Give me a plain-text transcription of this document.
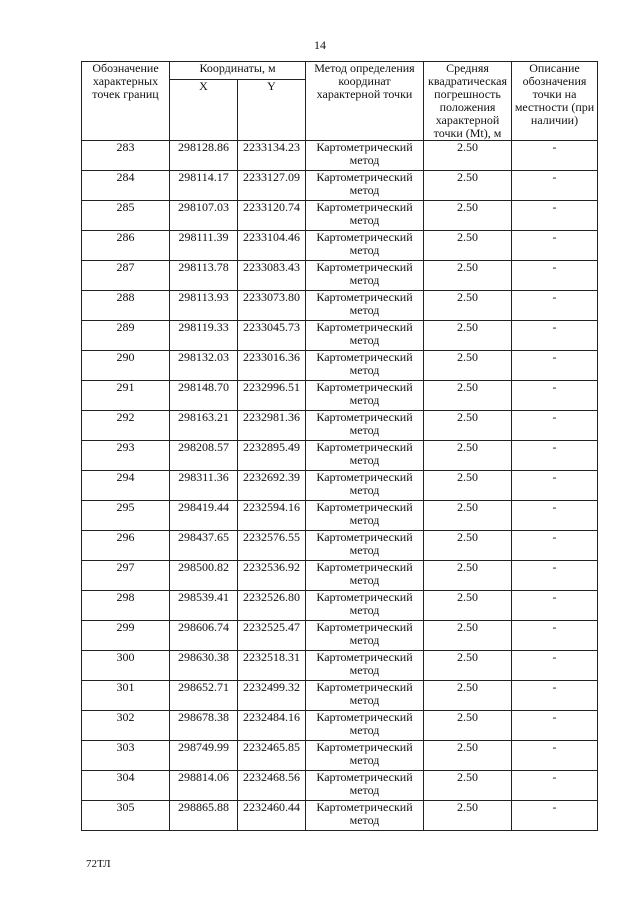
14
Обозначение характерных точек границ	Координаты, м		Метод определения координат характерной точки	Средняя квадратическая погрешность положения характерной точки (Mt), м	Описание обозначения точки на местности (при наличии)
	X	Y			
283	298128.86	2233134.23	Картометрический метод	2.50	-
284	298114.17	2233127.09	Картометрический метод	2.50	-
285	298107.03	2233120.74	Картометрический метод	2.50	-
286	298111.39	2233104.46	Картометрический метод	2.50	-
287	298113.78	2233083.43	Картометрический метод	2.50	-
288	298113.93	2233073.80	Картометрический метод	2.50	-
289	298119.33	2233045.73	Картометрический метод	2.50	-
290	298132.03	2233016.36	Картометрический метод	2.50	-
291	298148.70	2232996.51	Картометрический метод	2.50	-
292	298163.21	2232981.36	Картометрический метод	2.50	-
293	298208.57	2232895.49	Картометрический метод	2.50	-
294	298311.36	2232692.39	Картометрический метод	2.50	-
295	298419.44	2232594.16	Картометрический метод	2.50	-
296	298437.65	2232576.55	Картометрический метод	2.50	-
297	298500.82	2232536.92	Картометрический метод	2.50	-
298	298539.41	2232526.80	Картометрический метод	2.50	-
299	298606.74	2232525.47	Картометрический метод	2.50	-
300	298630.38	2232518.31	Картометрический метод	2.50	-
301	298652.71	2232499.32	Картометрический метод	2.50	-
302	298678.38	2232484.16	Картометрический метод	2.50	-
303	298749.99	2232465.85	Картометрический метод	2.50	-
304	298814.06	2232468.56	Картометрический метод	2.50	-
305	298865.88	2232460.44	Картометрический метод	2.50	-
72ТЛ
